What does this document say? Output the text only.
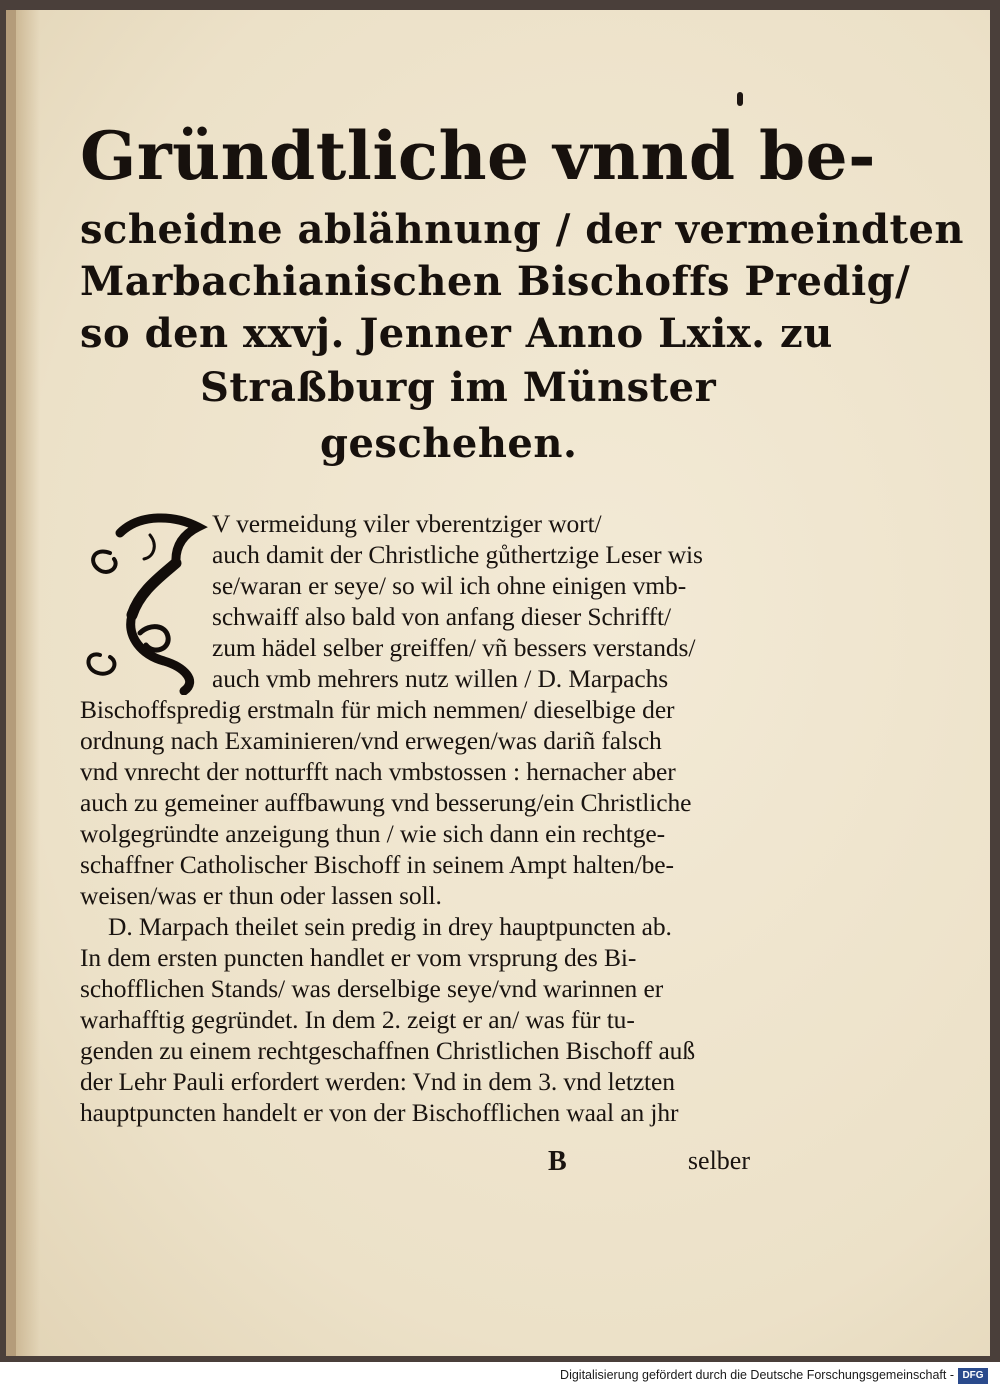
Gründtliche vnnd be-
scheidne ablähnung / der vermeindten
Marbachianischen Bischoffs Predig/
so den xxvj. Jenner Anno Lxix. zu
Straßburg im Münster
geschehen.
V vermeidung viler vberentziger wort/
auch damit der Christliche gůthertzige Leser wis
se/waran er seye/ so wil ich ohne einigen vmb-
schwaiff also bald von anfang dieser Schrifft/
zum hädel selber greiffen/ vñ bessers verstands/
auch vmb mehrers nutz willen / D. Marpachs
Bischoffspredig erstmaln für mich nemmen/ dieselbige der
ordnung nach Examinieren/vnd erwegen/was dariñ falsch
vnd vnrecht der notturfft nach vmbstossen : hernacher aber
auch zu gemeiner auffbawung vnd besserung/ein Christliche
wolgegründte anzeigung thun / wie sich dann ein rechtge-
schaffner Catholischer Bischoff in seinem Ampt halten/be-
weisen/was er thun oder lassen soll.
D. Marpach theilet sein predig in drey hauptpuncten ab.
In dem ersten puncten handlet er vom vrsprung des Bi-
schofflichen Stands/ was derselbige seye/vnd warinnen er
warhafftig gegründet. In dem 2. zeigt er an/ was für tu-
genden zu einem rechtgeschaffnen Christlichen Bischoff auß
der Lehr Pauli erfordert werden: Vnd in dem 3. vnd letzten
hauptpuncten handelt er von der Bischofflichen waal an jhr
B	selber
Digitalisierung gefördert durch die Deutsche Forschungsgemeinschaft - DFG
